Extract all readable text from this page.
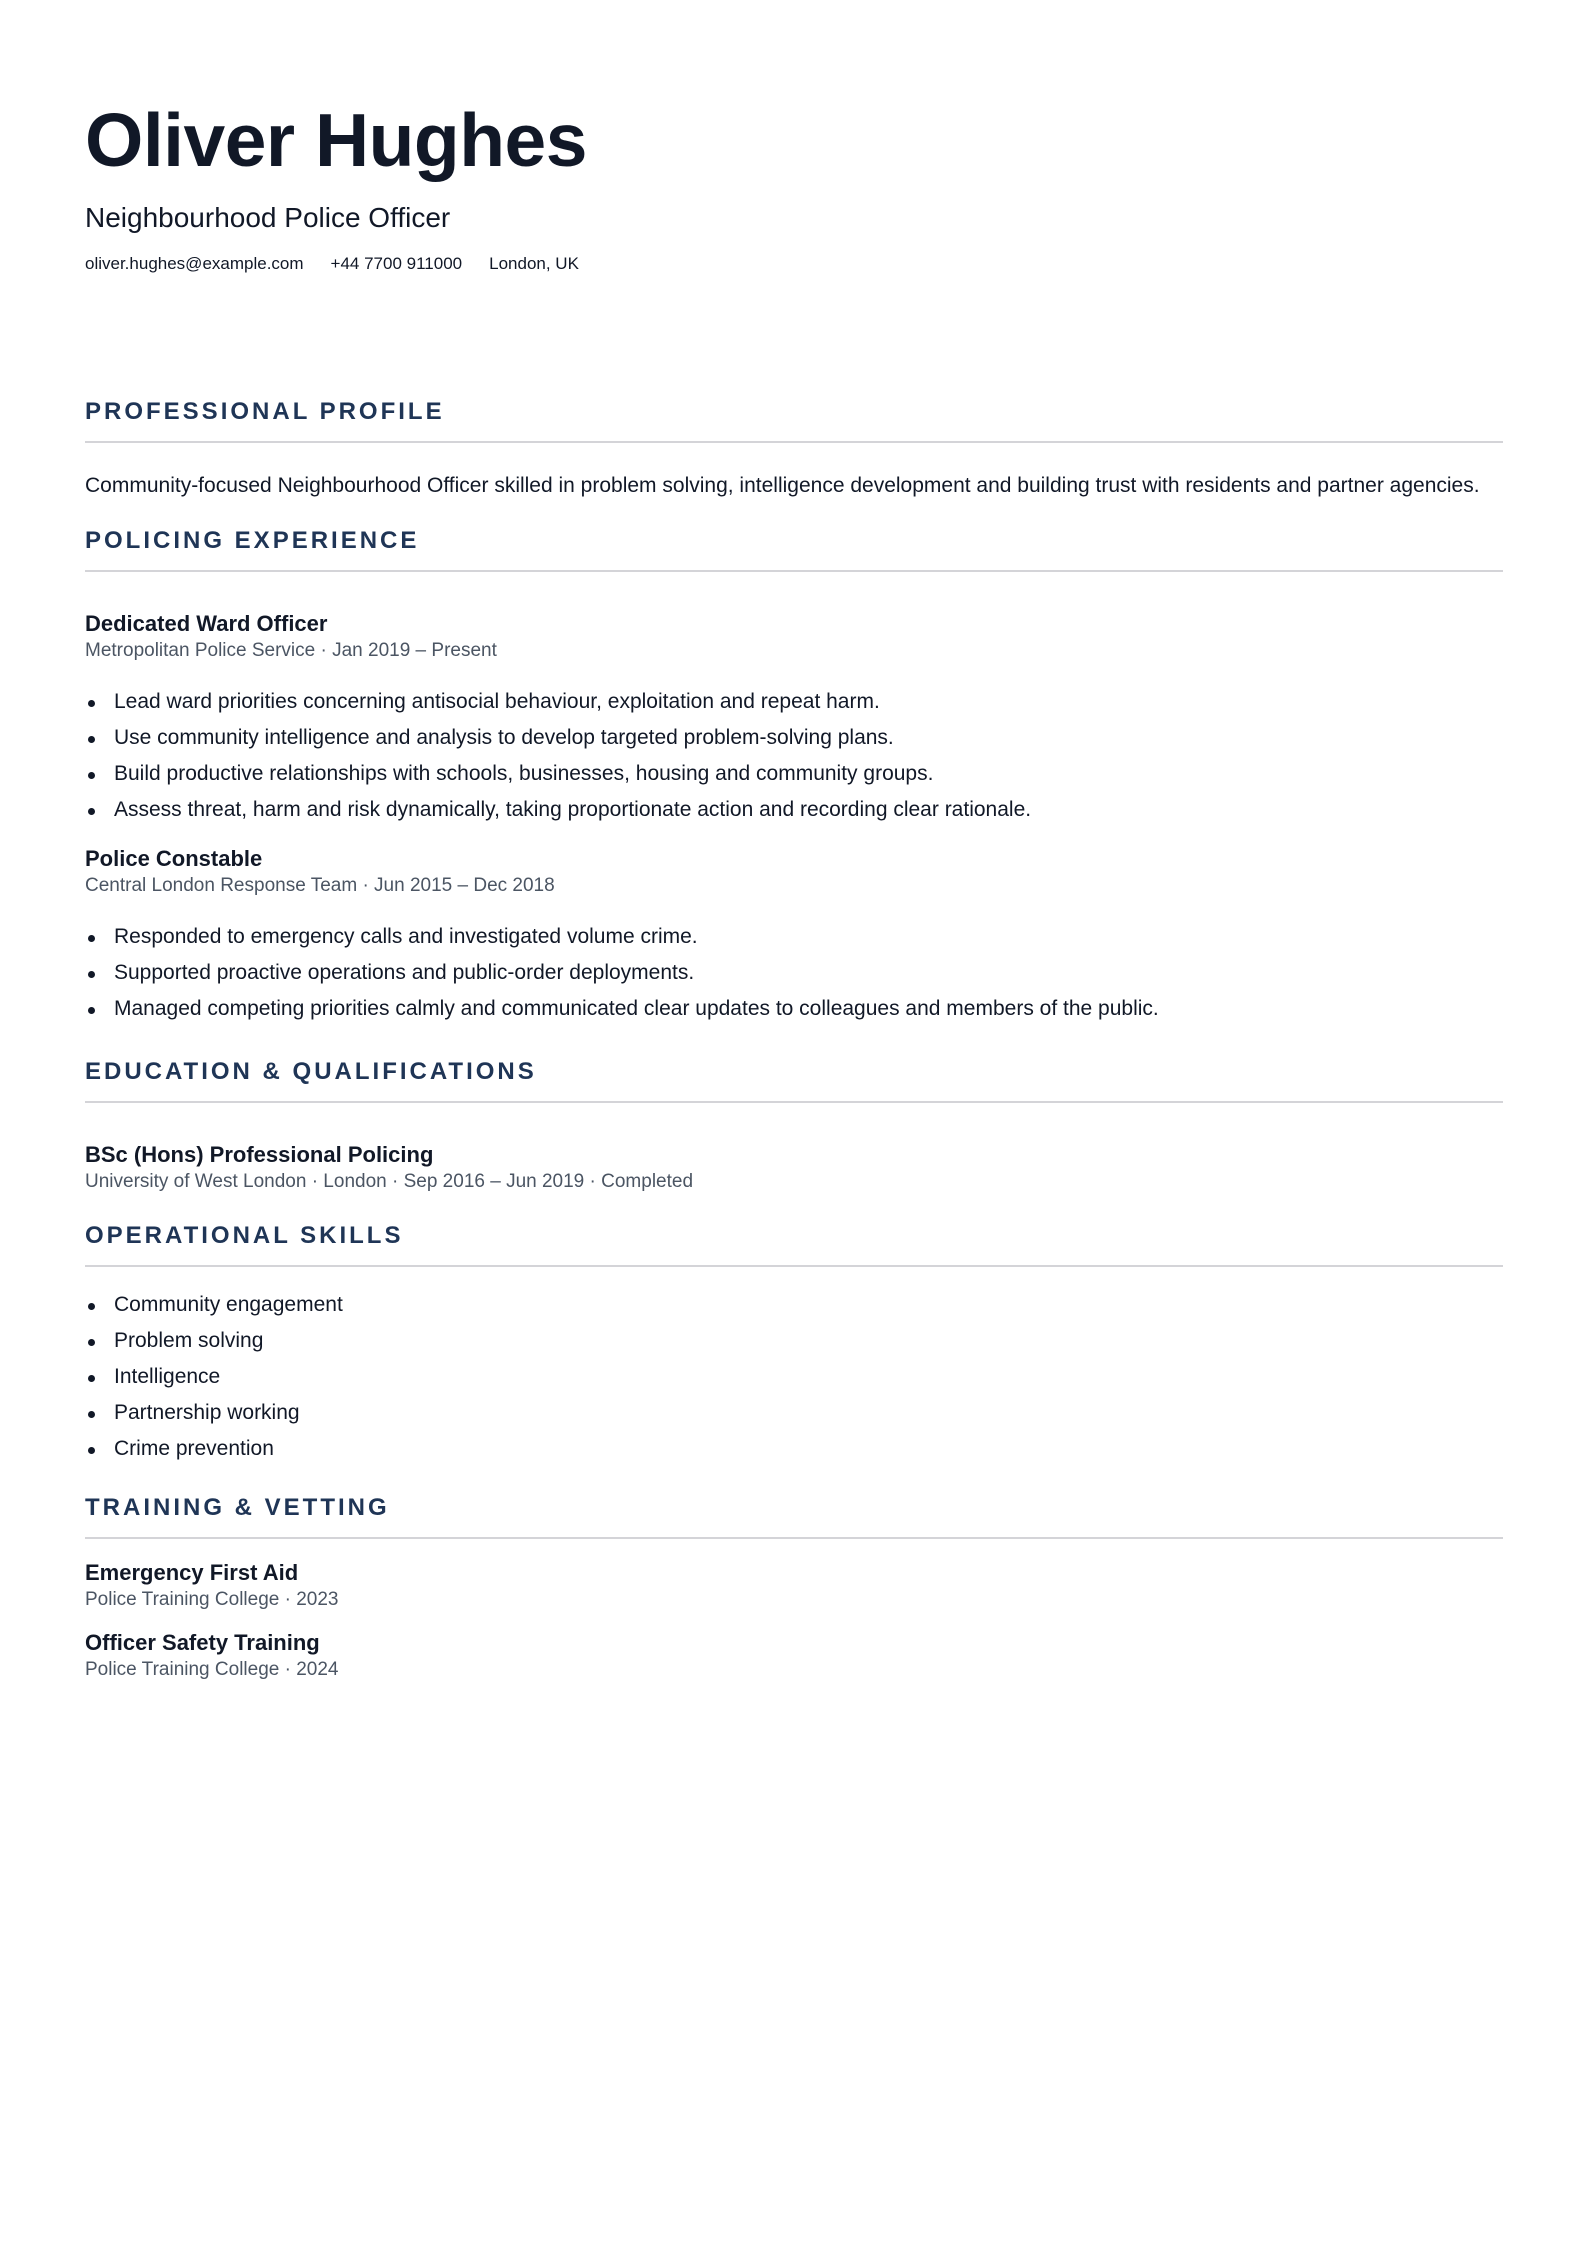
Oliver Hughes
Neighbourhood Police Officer
oliver.hughes@example.com +44 7700 911000 London, UK
PROFESSIONAL PROFILE

Community-focused Neighbourhood Officer skilled in problem solving, intelligence development and building trust with residents and partner agencies.

POLICING EXPERIENCE
Dedicated Ward Officer
Metropolitan Police Service · Jan 2019 – Present
Lead ward priorities concerning antisocial behaviour, exploitation and repeat harm.
Use community intelligence and analysis to develop targeted problem-solving plans.
Build productive relationships with schools, businesses, housing and community groups.
Assess threat, harm and risk dynamically, taking proportionate action and recording clear rationale.
Police Constable
Central London Response Team · Jun 2015 – Dec 2018
Responded to emergency calls and investigated volume crime.
Supported proactive operations and public-order deployments.
Managed competing priorities calmly and communicated clear updates to colleagues and members of the public.
EDUCATION & QUALIFICATIONS
BSc (Hons) Professional Policing
University of West London · London · Sep 2016 – Jun 2019 · Completed
OPERATIONAL SKILLS
Community engagement
Problem solving
Intelligence
Partnership working
Crime prevention
TRAINING & VETTING
Emergency First Aid
Police Training College · 2023
Officer Safety Training
Police Training College · 2024
